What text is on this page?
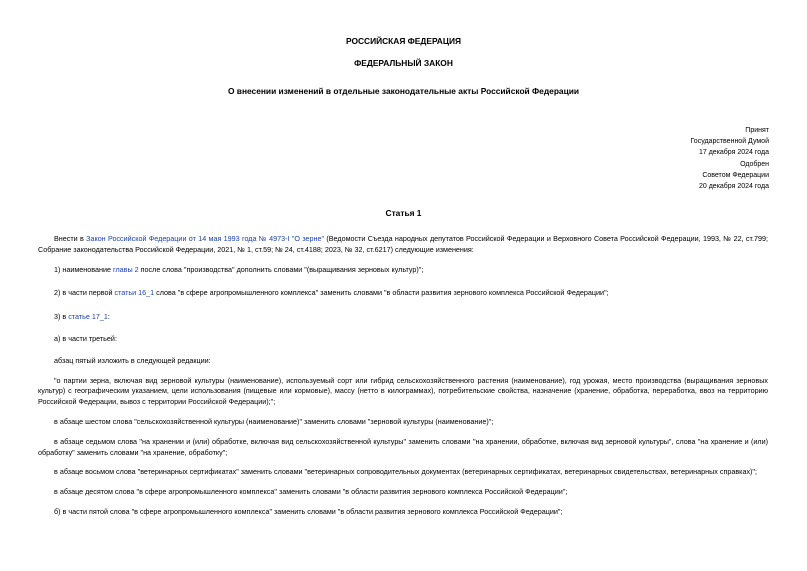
РОССИЙСКАЯ ФЕДЕРАЦИЯ
ФЕДЕРАЛЬНЫЙ ЗАКОН
О внесении изменений в отдельные законодательные акты Российской Федерации
Принят
Государственной Думой
17 декабря 2024 года
Одобрен
Советом Федерации
20 декабря 2024 года
Статья 1

Внести в Закон Российской Федерации от 14 мая 1993 года № 4973-I "О зерне" (Ведомости Съезда народных депутатов Российской Федерации и Верховного Совета Российской Федерации, 1993, № 22, ст.799; Собрание законодательства Российской Федерации, 2021, № 1, ст.59; № 24, ст.4188; 2023, № 32, ст.6217) следующие изменения:

1) наименование главы 2 после слова "производства" дополнить словами "(выращивания зерновых культур)";

2) в части первой статьи 16_1 слова "в сфере агропромышленного комплекса" заменить словами "в области развития зернового комплекса Российской Федерации";

3) в статье 17_1:

а) в части третьей:

абзац пятый изложить в следующей редакции:

"о партии зерна, включая вид зерновой культуры (наименование), используемый сорт или гибрид сельскохозяйственного растения (наименование), год урожая, место производства (выращивания зерновых культур) с географическим указанием, цели использования (пищевые или кормовые), массу (нетто в килограммах), потребительские свойства, назначение (хранение, обработка, переработка, ввоз на территорию Российской Федерации, вывоз с территории Российской Федерации);";

в абзаце шестом слова "сельскохозяйственной культуры (наименование)" заменить словами "зерновой культуры (наименование)";

в абзаце седьмом слова "на хранении и (или) обработке, включая вид сельскохозяйственной культуры" заменить словами "на хранении, обработке, включая вид зерновой культуры", слова "на хранение и (или) обработку" заменить словами "на хранение, обработку";

в абзаце восьмом слова "ветеринарных сертификатах" заменить словами "ветеринарных сопроводительных документах (ветеринарных сертификатах, ветеринарных свидетельствах, ветеринарных справках)";

в абзаце десятом слова "в сфере агропромышленного комплекса" заменить словами "в области развития зернового комплекса Российской Федерации";

б) в части пятой слова "в сфере агропромышленного комплекса" заменить словами "в области развития зернового комплекса Российской Федерации";
